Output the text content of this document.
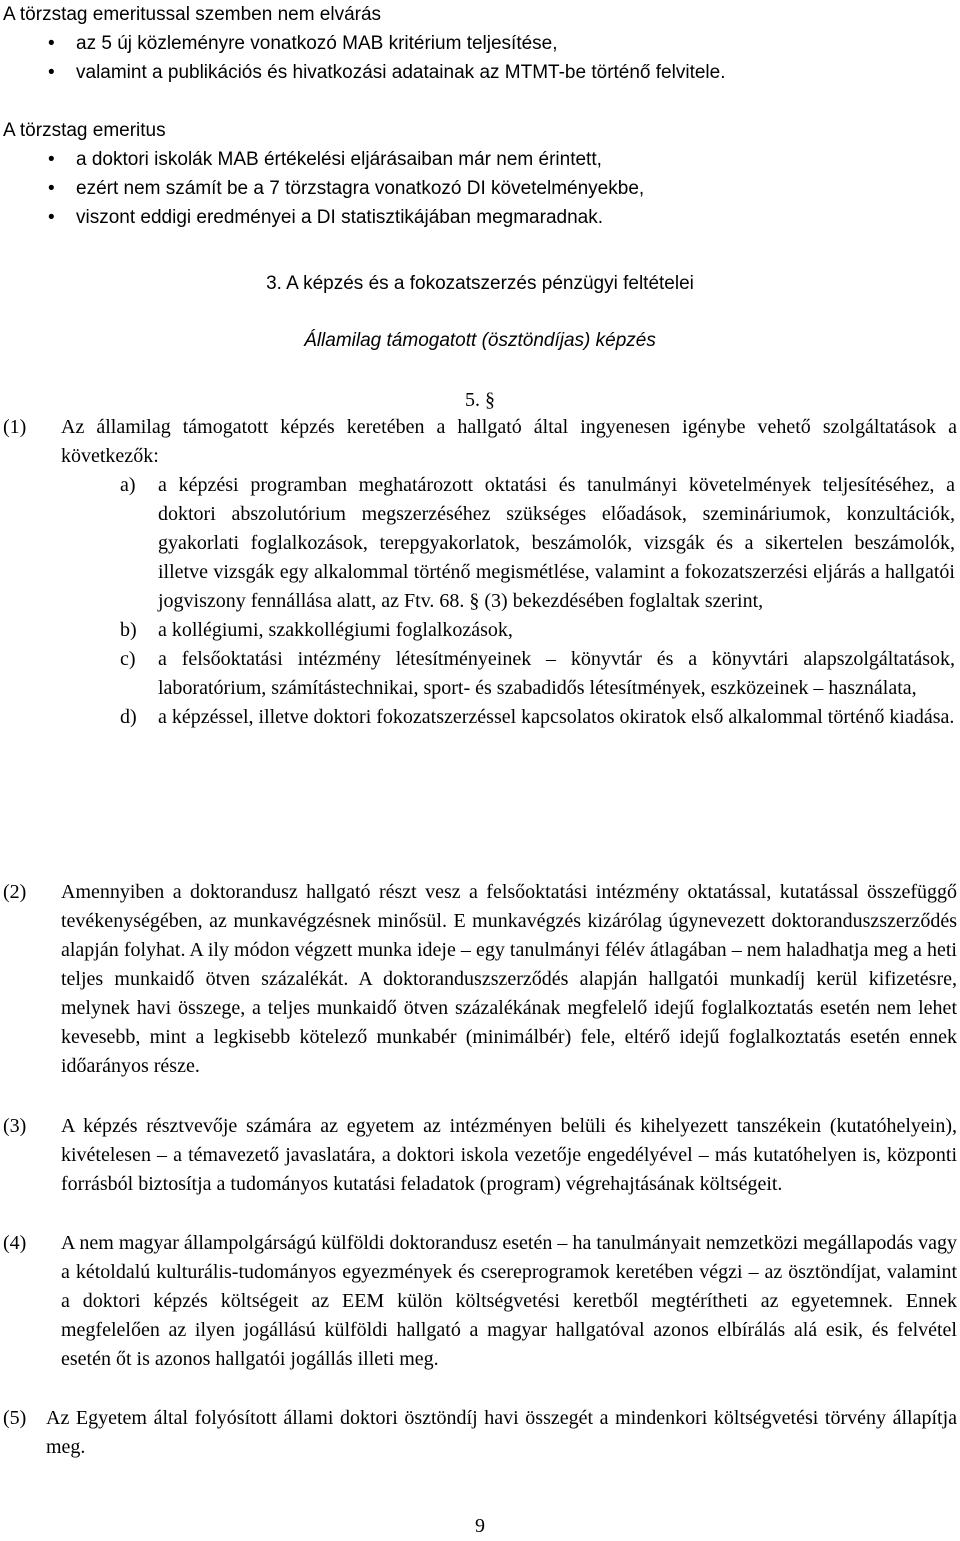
A törzstag emeritussal szemben nem elvárás
• az 5 új közleményre vonatkozó MAB kritérium teljesítése,
• valamint a publikációs és hivatkozási adatainak az MTMT-be történő felvitele.
A törzstag emeritus
• a doktori iskolák MAB értékelési eljárásaiban már nem érintett,
• ezért nem számít be a 7 törzstagra vonatkozó DI követelményekbe,
• viszont eddigi eredményei a DI statisztikájában megmaradnak.
3. A képzés és a fokozatszerzés pénzügyi feltételei
Államilag támogatott (ösztöndíjas) képzés
5. §
(1) Az államilag támogatott képzés keretében a hallgató által ingyenesen igénybe vehető szolgáltatások a következők:
a) a képzési programban meghatározott oktatási és tanulmányi követelmények teljesítéséhez, a doktori abszolutórium megszerzéséhez szükséges előadások, szemináriumok, konzultációk, gyakorlati foglalkozások, terepgyakorlatok, beszámolók, vizsgák és a sikertelen beszámolók, illetve vizsgák egy alkalommal történő megismétlése, valamint a fokozatszerzési eljárás a hallgatói jogviszony fennállása alatt, az Ftv. 68. § (3) bekezdésében foglaltak szerint,
b) a kollégiumi, szakkollégiumi foglalkozások,
c) a felsőoktatási intézmény létesítményeinek – könyvtár és a könyvtári alapszolgáltatások, laboratórium, számítástechnikai, sport- és szabadidős létesítmények, eszközeinek – használata,
d) a képzéssel, illetve doktori fokozatszerzéssel kapcsolatos okiratok első alkalommal történő kiadása.
(2) Amennyiben a doktorandusz hallgató részt vesz a felsőoktatási intézmény oktatással, kutatással összefüggő tevékenységében, az munkavégzésnek minősül. E munkavégzés kizárólag úgynevezett doktoranduszszerződés alapján folyhat. A ily módon végzett munka ideje – egy tanulmányi félév átlagában – nem haladhatja meg a heti teljes munkaidő ötven százalékát. A doktoranduszszerződés alapján hallgatói munkadíj kerül kifizetésre, melynek havi összege, a teljes munkaidő ötven százalékának megfelelő idejű foglalkoztatás esetén nem lehet kevesebb, mint a legkisebb kötelező munkabér (minimálbér) fele, eltérő idejű foglalkoztatás esetén ennek időarányos része.
(3) A képzés résztvevője számára az egyetem az intézményen belüli és kihelyezett tanszékein (kutatóhelyein), kivételesen – a témavezető javaslatára, a doktori iskola vezetője engedélyével – más kutatóhelyen is, központi forrásból biztosítja a tudományos kutatási feladatok (program) végrehajtásának költségeit.
(4) A nem magyar állampolgárságú külföldi doktorandusz esetén – ha tanulmányait nemzetközi megállapodás vagy a kétoldalú kulturális-tudományos egyezmények és csereprogramok keretében végzi – az ösztöndíjat, valamint a doktori képzés költségeit az EEM külön költségvetési keretből megtérítheti az egyetemnek. Ennek megfelelően az ilyen jogállású külföldi hallgató a magyar hallgatóval azonos elbírálás alá esik, és felvétel esetén őt is azonos hallgatói jogállás illeti meg.
(5) Az Egyetem által folyósított állami doktori ösztöndíj havi összegét a mindenkori költségvetési törvény állapítja meg.
9
